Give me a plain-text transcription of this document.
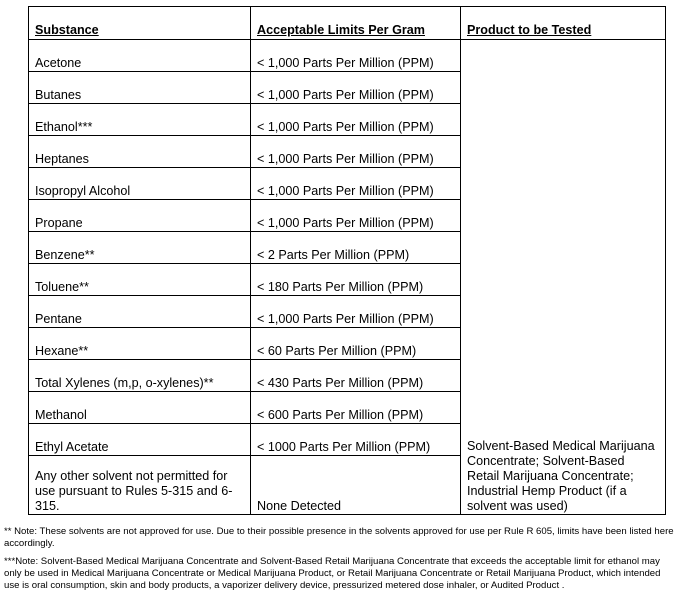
Substance	Acceptable Limits Per Gram	Product to be Tested
Acetone	< 1,000 Parts Per Million (PPM)	Solvent-Based Medical Marijuana Concentrate; Solvent-Based Retail Marijuana Concentrate; Industrial Hemp Product (if a solvent was used)
Butanes	< 1,000 Parts Per Million (PPM)	
Ethanol***	< 1,000 Parts Per Million (PPM)	
Heptanes	< 1,000 Parts Per Million (PPM)	
Isopropyl Alcohol	< 1,000 Parts Per Million (PPM)	
Propane	< 1,000 Parts Per Million (PPM)	
Benzene**	< 2 Parts Per Million (PPM)	
Toluene**	< 180 Parts Per Million (PPM)	
Pentane	< 1,000 Parts Per Million (PPM)	
Hexane**	< 60 Parts Per Million (PPM)	
Total Xylenes (m,p, o-xylenes)**	< 430 Parts Per Million (PPM)	
Methanol	< 600 Parts Per Million (PPM)	
Ethyl Acetate	< 1000 Parts Per Million (PPM)	
Any other solvent not permitted for use pursuant to Rules 5-315 and 6-315.	None Detected	

** Note: These solvents are not approved for use. Due to their possible presence in the solvents approved for use per Rule R 605, limits have been listed here accordingly.

***Note: Solvent-Based Medical Marijuana Concentrate and Solvent-Based Retail Marijuana Concentrate that exceeds the acceptable limit for ethanol may only be used in Medical Marijuana Concentrate or Medical Marijuana Product, or Retail Marijuana Concentrate or Retail Marijuana Product, which intended use is oral consumption, skin and body products, a vaporizer delivery device, pressurized metered dose inhaler, or Audited Product .
